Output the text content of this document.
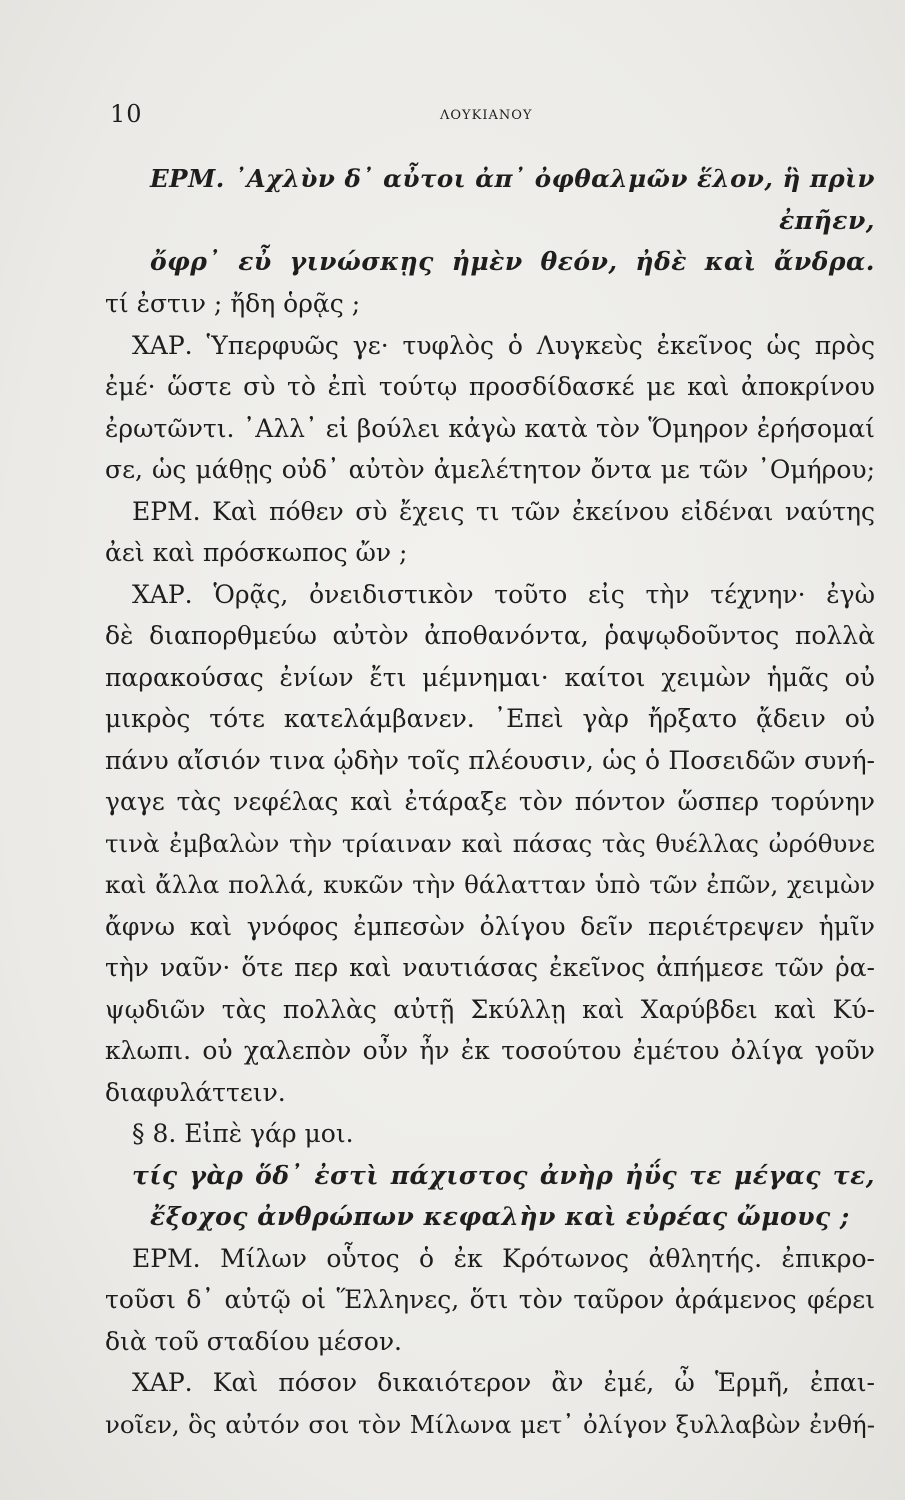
10	ΛΟΥΚΙΑΝΟΥ
ΕΡΜ. ᾿Αχλὺν δ᾿ αὖτοι ἀπ᾿ ὀφθαλμῶν ἕλον, ἣ πρὶν
ἐπῆεν,
ὄφρ᾿ εὖ γινώσκῃς ἠμὲν θεόν, ἠδὲ καὶ ἄνδρα.
τί ἐστιν ; ἤδη ὁρᾷς ;
ΧΑΡ. Ὑπερφυῶς γε· τυφλὸς ὁ Λυγκεὺς ἐκεῖνος ὡς πρὸς
ἐμέ· ὥστε σὺ τὸ ἐπὶ τούτῳ προσδίδασκέ με καὶ ἀποκρίνου
ἐρωτῶντι. ᾿Αλλ᾿ εἰ βούλει κἀγὼ κατὰ τὸν Ὅμηρον ἐρήσομαί
σε, ὡς μάθῃς οὐδ᾿ αὐτὸν ἀμελέτητον ὄντα με τῶν ᾿Ομήρου;
ΕΡΜ. Καὶ πόθεν σὺ ἔχεις τι τῶν ἐκείνου εἰδέναι ναύτης
ἀεὶ καὶ πρόσκωπος ὤν ;
ΧΑΡ. Ὁρᾷς, ὀνειδιστικὸν τοῦτο εἰς τὴν τέχνην· ἐγὼ
δὲ διαπορθμεύω αὐτὸν ἀποθανόντα, ῥαψῳδοῦντος πολλὰ
παρακούσας ἐνίων ἔτι μέμνημαι· καίτοι χειμὼν ἡμᾶς οὐ
μικρὸς τότε κατελάμβανεν. ᾿Επεὶ γὰρ ἤρξατο ᾄδειν οὐ
πάνυ αἴσιόν τινα ᾠδὴν τοῖς πλέουσιν, ὡς ὁ Ποσειδῶν συνή-
γαγε τὰς νεφέλας καὶ ἐτάραξε τὸν πόντον ὥσπερ τορύνην
τινὰ ἐμβαλὼν τὴν τρίαιναν καὶ πάσας τὰς θυέλλας ὠρόθυνε
καὶ ἄλλα πολλά, κυκῶν τὴν θάλατταν ὑπὸ τῶν ἐπῶν, χειμὼν
ἄφνω καὶ γνόφος ἐμπεσὼν ὀλίγου δεῖν περιέτρεψεν ἡμῖν
τὴν ναῦν· ὅτε περ καὶ ναυτιάσας ἐκεῖνος ἀπήμεσε τῶν ῥα-
ψῳδιῶν τὰς πολλὰς αὐτῇ Σκύλλῃ καὶ Χαρύβδει καὶ Κύ-
κλωπι. οὐ χαλεπὸν οὖν ἦν ἐκ τοσούτου ἐμέτου ὀλίγα γοῦν
διαφυλάττειν.
§ 8. Εἰπὲ γάρ μοι.
τίς γὰρ ὅδ᾿ ἐστὶ πάχιστος ἀνὴρ ἠΰς τε μέγας τε,
ἔξοχος ἀνθρώπων κεφαλὴν καὶ εὐρέας ὤμους ;
ΕΡΜ. Μίλων οὗτος ὁ ἐκ Κρότωνος ἀθλητής. ἐπικρο-
τοῦσι δ᾿ αὐτῷ οἱ Ἕλληνες, ὅτι τὸν ταῦρον ἀράμενος φέρει
διὰ τοῦ σταδίου μέσον.
ΧΑΡ. Καὶ πόσον δικαιότερον ἂν ἐμέ, ὦ Ἑρμῆ, ἐπαι-
νοῖεν, ὃς αὐτόν σοι τὸν Μίλωνα μετ᾿ ὀλίγον ξυλλαβὼν ἐνθή-
